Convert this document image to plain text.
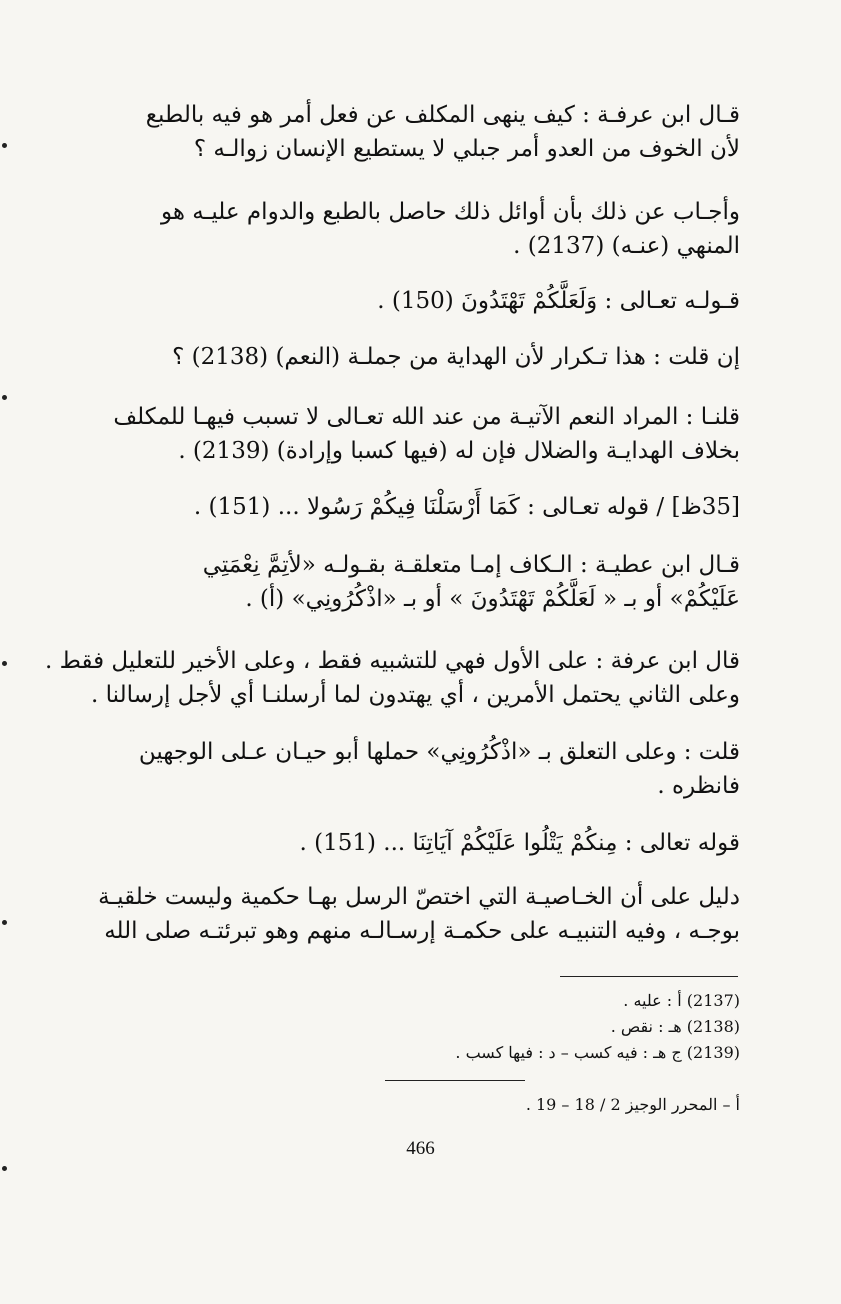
قـال ابن عرفـة : كيف ينهى المكلف عن فعل أمر هو فيه بالطبع
لأن الخوف من العدو أمر جبلي لا يستطيع الإنسان زوالـه ؟

وأجـاب عن ذلك بأن أوائل ذلك حاصل بالطبع والدوام عليـه هو
المنهي (عنـه) (2137) .

قـولـه تعـالى : وَلَعَلَّكُمْ تَهْتَدُونَ (150) .

إن قلت : هذا تـكرار لأن الهداية من جملـة (النعم) (2138) ؟

قلنـا : المراد النعم الآتيـة من عند الله تعـالى لا تسبب فيهـا للمكلف
بخلاف الهدايـة والضلال فإن له (فيها كسبا وإرادة) (2139) .

[35ظ] / قوله تعـالى : كَمَا أَرْسَلْنَا فِيكُمْ رَسُولا ... (151) .

قـال ابن عطيـة : الـكاف إمـا متعلقـة بقـولـه «لأتِمَّ نِعْمَتِي
عَلَيْكُمْ» أو بـ « لَعَلَّكُمْ تَهْتَدُونَ » أو بـ «اذْكُرُونِي» (أ) .

قال ابن عرفة : على الأول فهي للتشبيه فقط ، وعلى الأخير للتعليل فقط .
وعلى الثاني يحتمل الأمرين ، أي يهتدون لما أرسلنـا أي لأجل إرسالنا .

قلت : وعلى التعلق بـ «اذْكُرُونِي» حملها أبو حيـان عـلى الوجهين
فانظره .

قوله تعالى : مِنكُمْ يَتْلُوا عَلَيْكُمْ آيَاتِنَا ... (151) .

دليل على أن الخـاصيـة التي اختصّ الرسل بهـا حكمية وليست خلقيـة
بوجـه ، وفيه التنبيـه على حكمـة إرسـالـه منهم وهو تبرئتـه صلى الله

(2137) أ : عليه .
(2138) هـ : نقص .
(2139) ج هـ : فيه كسب – د : فيها كسب .
أ – المحرر الوجيز 2 / 18 – 19 .
466
